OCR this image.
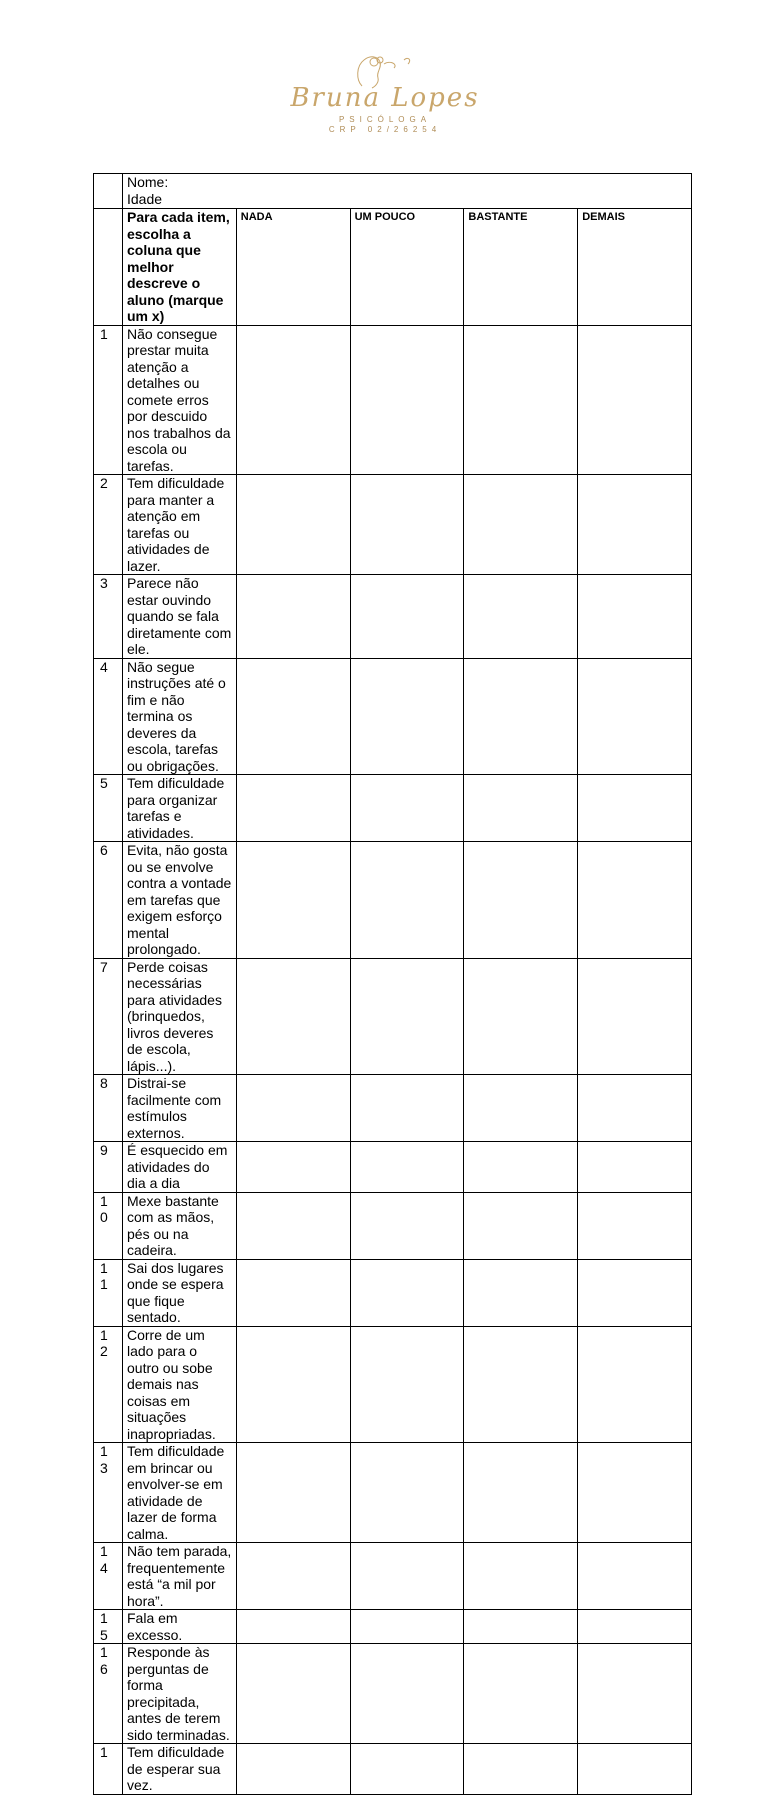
Bruna Lopes
PSICÓLOGA
CRP 02/26254

	Nome:
Idade				

	Para cada item, escolha a coluna que melhor descreve o aluno (marque um x)	NADA	UM POUCO	BASTANTE	DEMAIS

1	Não consegue prestar muita atenção a detalhes ou comete erros por descuido nos trabalhos da escola ou tarefas.				

2	Tem dificuldade para manter a atenção em tarefas ou atividades de lazer.				

3	Parece não estar ouvindo quando se fala diretamente com ele.				

4	Não segue instruções até o fim e não termina os deveres da escola, tarefas ou obrigações.				

5	Tem dificuldade para organizar tarefas e atividades.				

6	Evita, não gosta ou se envolve contra a vontade em tarefas que exigem esforço mental prolongado.				

7	Perde coisas necessárias para atividades (brinquedos, livros deveres de escola, lápis...).				

8	Distrai-se facilmente com estímulos externos.				

9	É esquecido em atividades do dia a dia				

10	Mexe bastante com as mãos, pés ou na cadeira.				

11	Sai dos lugares onde se espera que fique sentado.				

12	Corre de um lado para o outro ou sobe demais nas coisas em situações inapropriadas.				

13	Tem dificuldade em brincar ou envolver-se em atividade de lazer de forma calma.				

14	Não tem parada, frequentemente está “a mil por hora”.				

15	Fala em excesso.				

16	Responde às perguntas de forma precipitada, antes de terem sido terminadas.				

1	Tem dificuldade de esperar sua vez.				
